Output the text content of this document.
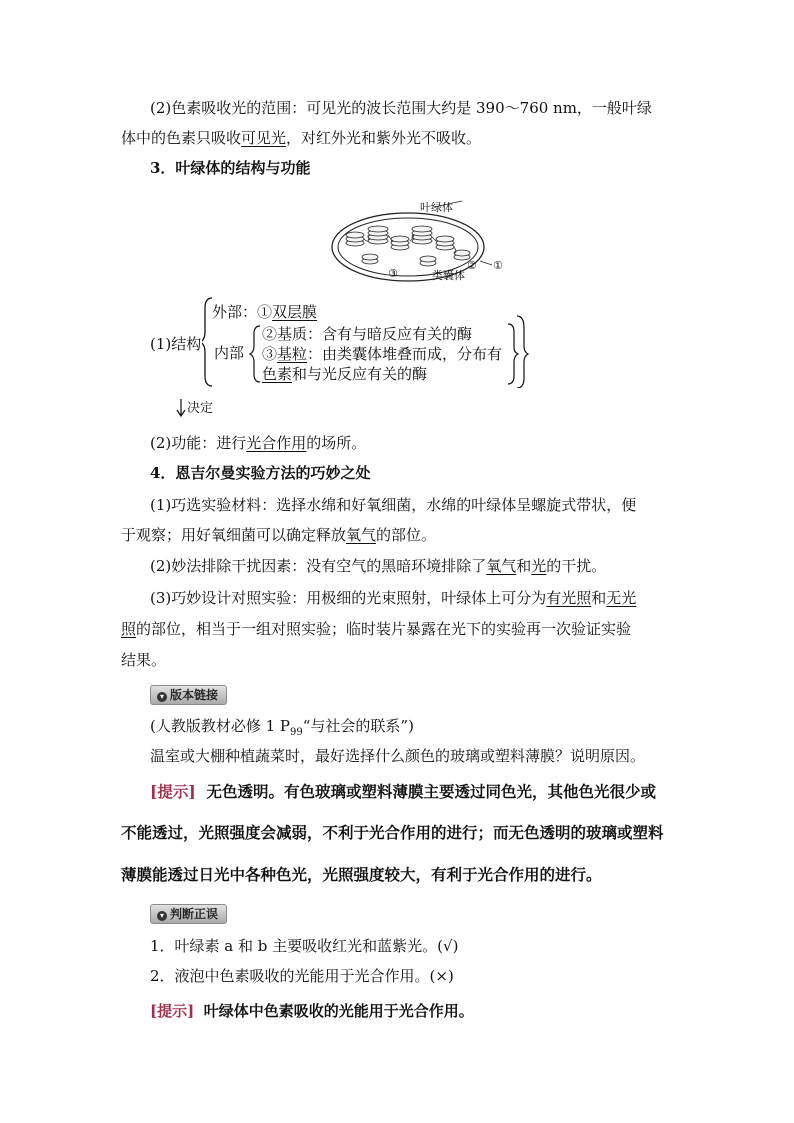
(2)色素吸收光的范围：可见光的波长范围大约是 390～760 nm，一般叶绿
体中的色素只吸收可见光，对红外光和紫外光不吸收。
3．叶绿体的结构与功能
叶绿体
类囊体
①
②
③
(1)结构
外部：①双层膜
内部
②基质：含有与暗反应有关的酶
③基粒：由类囊体堆叠而成，分布有
色素和与光反应有关的酶
决定
(2)功能：进行光合作用的场所。
4．恩吉尔曼实验方法的巧妙之处
(1)巧选实验材料：选择水绵和好氧细菌，水绵的叶绿体呈螺旋式带状，便
于观察；用好氧细菌可以确定释放氧气的部位。
(2)妙法排除干扰因素：没有空气的黑暗环境排除了氧气和光的干扰。
(3)巧妙设计对照实验：用极细的光束照射，叶绿体上可分为有光照和无光
照的部位，相当于一组对照实验；临时装片暴露在光下的实验再一次验证实验
结果。
▾ 版本链接
(人教版教材必修 1 $P_{99}“$与社会的联系”)
温室或大棚种植蔬菜时，最好选择什么颜色的玻璃或塑料薄膜？说明原因。
[提示] 无色透明。有色玻璃或塑料薄膜主要透过同色光，其他色光很少或
不能透过，光照强度会减弱，不利于光合作用的进行；而无色透明的玻璃或塑料
薄膜能透过日光中各种色光，光照强度较大，有利于光合作用的进行。
▾ 判断正误
1．叶绿素 a 和 b 主要吸收红光和蓝紫光。(√)
2．液泡中色素吸收的光能用于光合作用。(×)
[提示] 叶绿体中色素吸收的光能用于光合作用。
